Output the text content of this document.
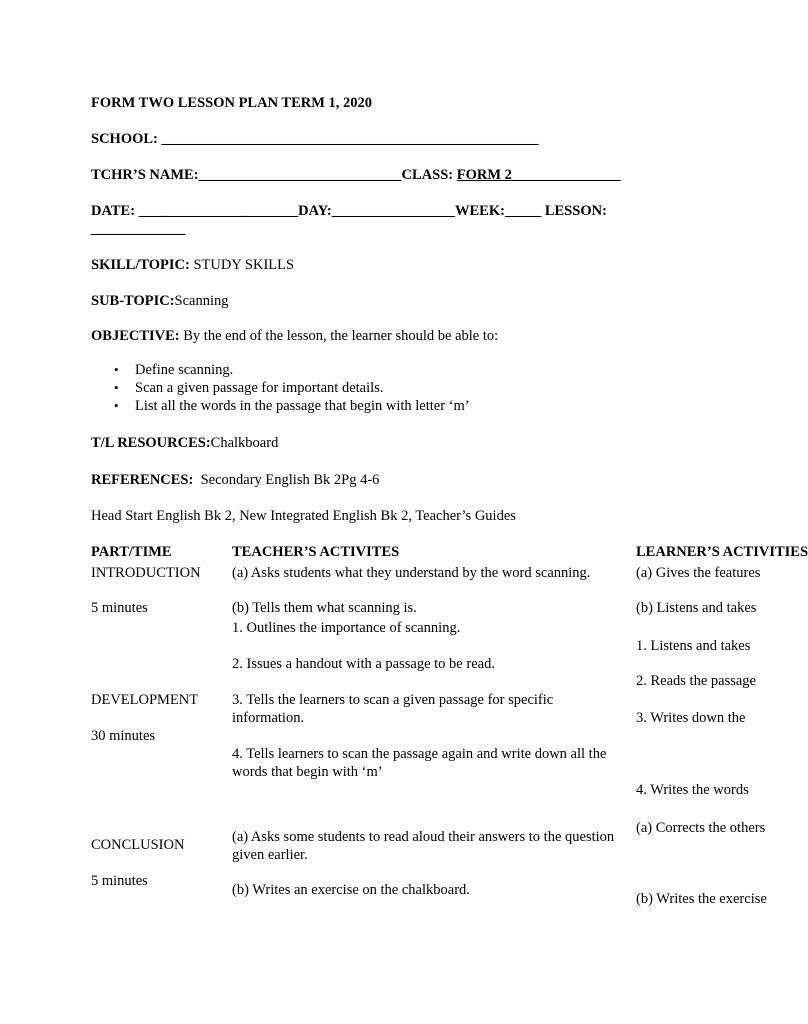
FORM TWO LESSON PLAN TERM 1, 2020
SCHOOL: ____________________________________________________
TCHR’S NAME:____________________________CLASS: FORM 2_______________
DATE: ______________________DAY:_________________WEEK:_____ LESSON:
_____________
SKILL/TOPIC: STUDY SKILLS
SUB-TOPIC:Scanning
OBJECTIVE: By the end of the lesson, the learner should be able to:
• Define scanning.
• Scan a given passage for important details.
• List all the words in the passage that begin with letter ‘m’
T/L RESOURCES:Chalkboard
REFERENCES: Secondary English Bk 2Pg 4-6
Head Start English Bk 2, New Integrated English Bk 2, Teacher’s Guides
PART/TIME	TEACHER’S ACTIVITES	LEARNER’S ACTIVITIES
INTRODUCTION
5 minutes
DEVELOPMENT
30 minutes
CONCLUSION
5 minutes
(a) Asks students what they understand by the word scanning.
(b) Tells them what scanning is.
1. Outlines the importance of scanning.
2. Issues a handout with a passage to be read.
3. Tells the learners to scan a given passage for specific information.
4. Tells learners to scan the passage again and write down all the words that begin with ‘m’
(a) Asks some students to read aloud their answers to the question given earlier.
(b) Writes an exercise on the chalkboard.
(a) Gives the features
(b) Listens and takes
1. Listens and takes
2. Reads the passage
3. Writes down the
4. Writes the words
(a) Corrects the others
(b) Writes the exercise
